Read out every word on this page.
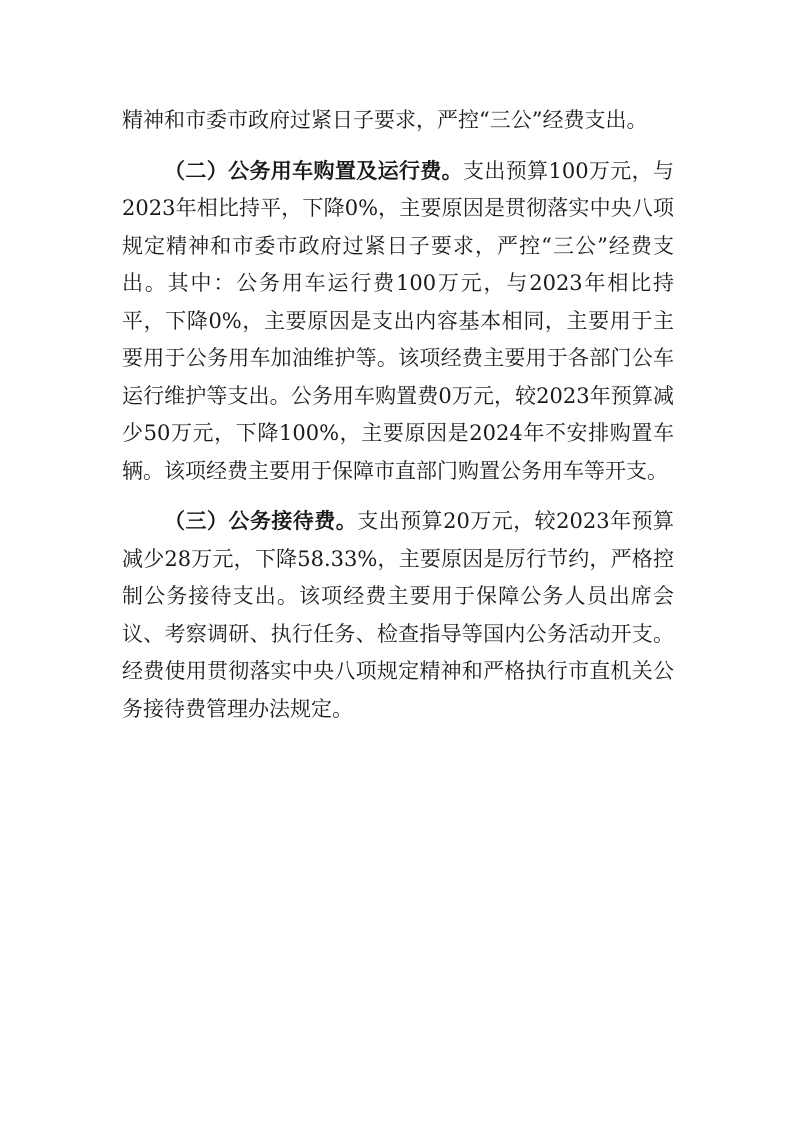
精神和市委市政府过紧日子要求，严控“三公”经费支出。

（二）公务用车购置及运行费。支出预算100万元，与2023年相比持平，下降0%，主要原因是贯彻落实中央八项规定精神和市委市政府过紧日子要求，严控“三公”经费支出。其中：公务用车运行费100万元，与2023年相比持平，下降0%，主要原因是支出内容基本相同，主要用于主要用于公务用车加油维护等。该项经费主要用于各部门公车运行维护等支出。公务用车购置费0万元，较2023年预算减少50万元，下降100%，主要原因是2024年不安排购置车辆。该项经费主要用于保障市直部门购置公务用车等开支。

（三）公务接待费。支出预算20万元，较2023年预算减少28万元，下降58.33%，主要原因是厉行节约，严格控制公务接待支出。该项经费主要用于保障公务人员出席会议、考察调研、执行任务、检查指导等国内公务活动开支。经费使用贯彻落实中央八项规定精神和严格执行市直机关公务接待费管理办法规定。
